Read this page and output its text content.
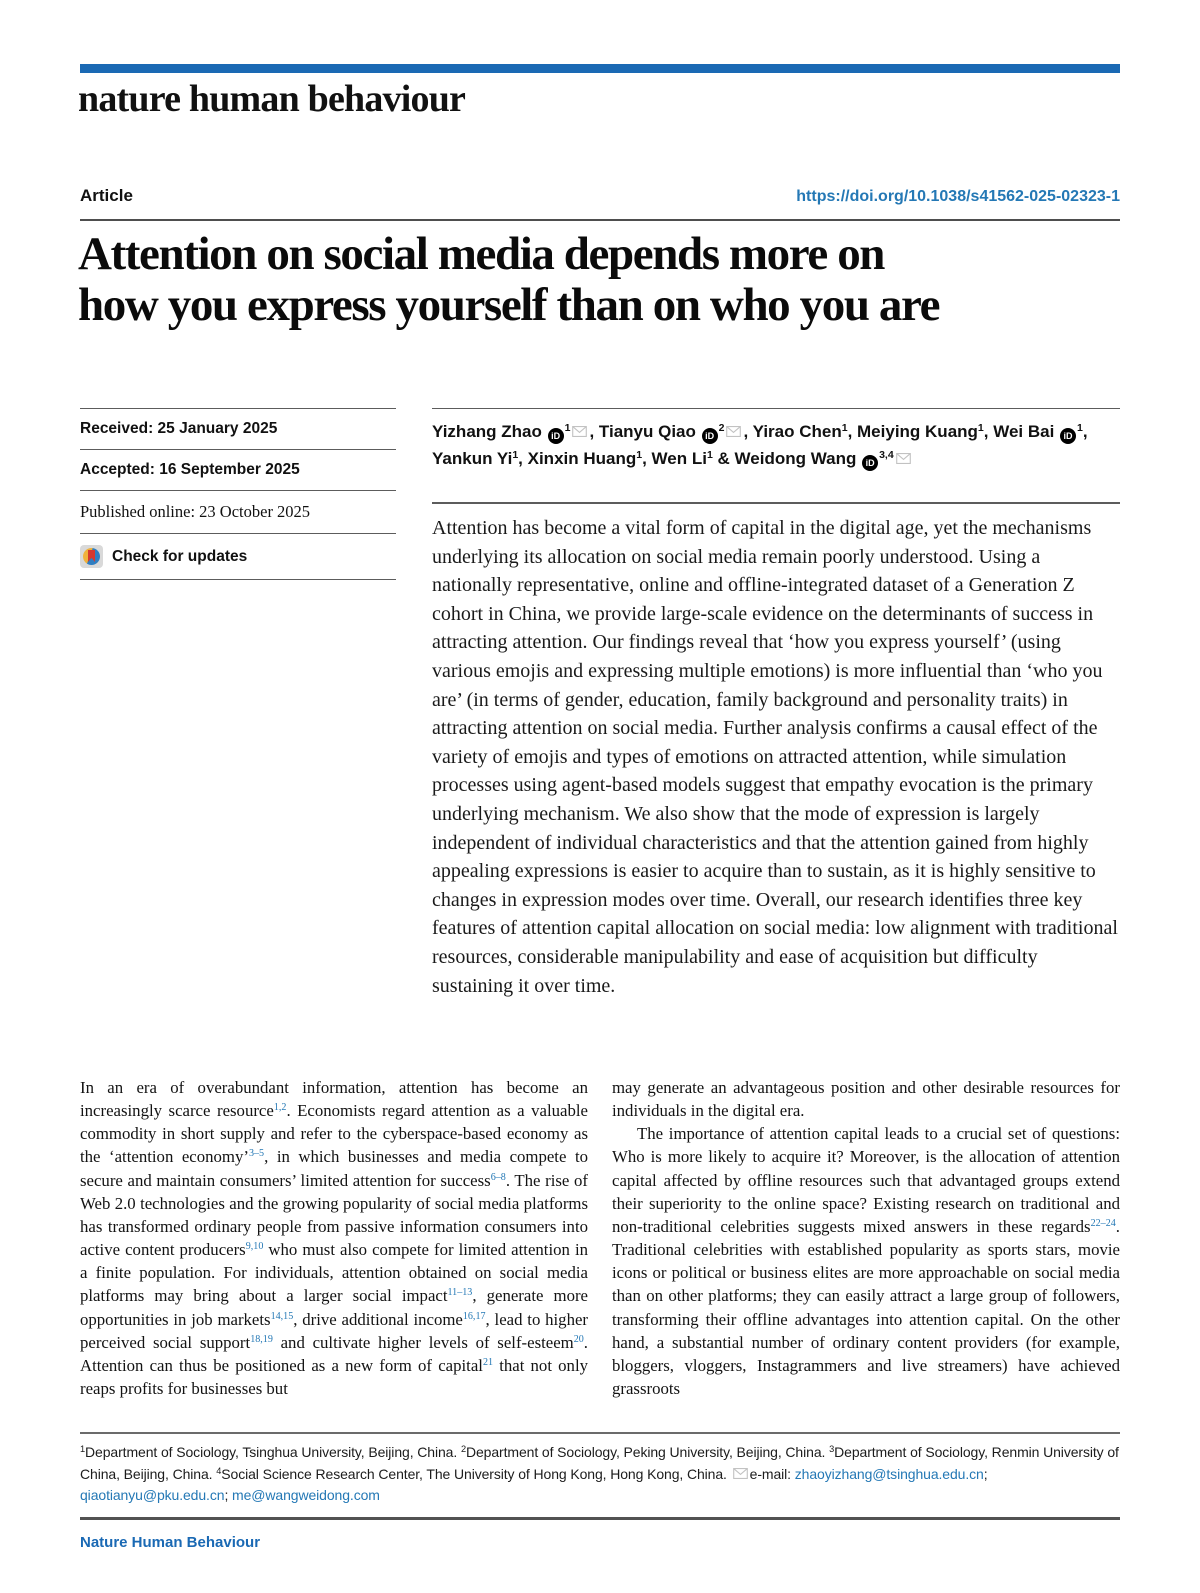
nature human behaviour
Article	https://doi.org/10.1038/s41562-025-02323-1
Attention on social media depends more on
how you express yourself than on who you are
Received: 25 January 2025
Accepted: 16 September 2025
Published online: 23 October 2025
Check for updates
Yizhang Zhao $iD^1$ , Tianyu Qiao $iD^2$ , Yirao Chen$^1$, Meiying Kuang$^1$, Wei Bai $iD^1$, Yankun Yi$^1$, Xinxin Huang$^1$, Wen Li$^1$ & Weidong Wang iD$^{3,4}$
Attention has become a vital form of capital in the digital age, yet the mechanisms underlying its allocation on social media remain poorly understood. Using a nationally representative, online and offline-integrated dataset of a Generation Z cohort in China, we provide large-scale evidence on the determinants of success in attracting attention. Our findings reveal that ‘how you express yourself’ (using various emojis and expressing multiple emotions) is more influential than ‘who you are’ (in terms of gender, education, family background and personality traits) in attracting attention on social media. Further analysis confirms a causal effect of the variety of emojis and types of emotions on attracted attention, while simulation processes using agent-based models suggest that empathy evocation is the primary underlying mechanism. We also show that the mode of expression is largely independent of individual characteristics and that the attention gained from highly appealing expressions is easier to acquire than to sustain, as it is highly sensitive to changes in expression modes over time. Overall, our research identifies three key features of attention capital allocation on social media: low alignment with traditional resources, considerable manipulability and ease of acquisition but difficulty sustaining it over time.

In an era of overabundant information, attention has become an increasingly scarce resource$^{1,2}$. Economists regard attention as a valuable commodity in short supply and refer to the cyberspace-based economy as the ‘attention economy’$^{3-5}$, in which businesses and media compete to secure and maintain consumers’ limited attention for success$^{6-8}$. The rise of Web 2.0 technologies and the growing popularity of social media platforms has transformed ordinary people from passive information consumers into active content producers$^{9,10}$ who must also compete for limited attention in a finite population. For individuals, attention obtained on social media platforms may bring about a larger social impact$^{11-13}$, generate more opportunities in job markets$^{14,15}$, drive additional income$^{16,17}$, lead to higher perceived social support$^{18,19}$ and cultivate higher levels of self-esteem$^{20}$. Attention can thus be positioned as a new form of capital$^{21}$ that not only reaps profits for businesses but

may generate an advantageous position and other desirable resources for individuals in the digital era.

The importance of attention capital leads to a crucial set of questions: Who is more likely to acquire it? Moreover, is the allocation of attention capital affected by offline resources such that advantaged groups extend their superiority to the online space? Existing research on traditional and non-traditional celebrities suggests mixed answers in these regards$^{22-24}$. Traditional celebrities with established popularity as sports stars, movie icons or political or business elites are more approachable on social media than on other platforms; they can easily attract a large group of followers, transforming their offline advantages into attention capital. On the other hand, a substantial number of ordinary content providers (for example, bloggers, vloggers, Instagrammers and live streamers) have achieved grassroots

$^1$Department of Sociology, Tsinghua University, Beijing, China. $^2$Department of Sociology, Peking University, Beijing, China. $^3$Department of Sociology, Renmin University of China, Beijing, China. $^4$Social Science Research Center, The University of Hong Kong, Hong Kong, China. e-mail: zhaoyizhang@tsinghua.edu.cn; qiaotianyu@pku.edu.cn; me@wangweidong.com
Nature Human Behaviour
